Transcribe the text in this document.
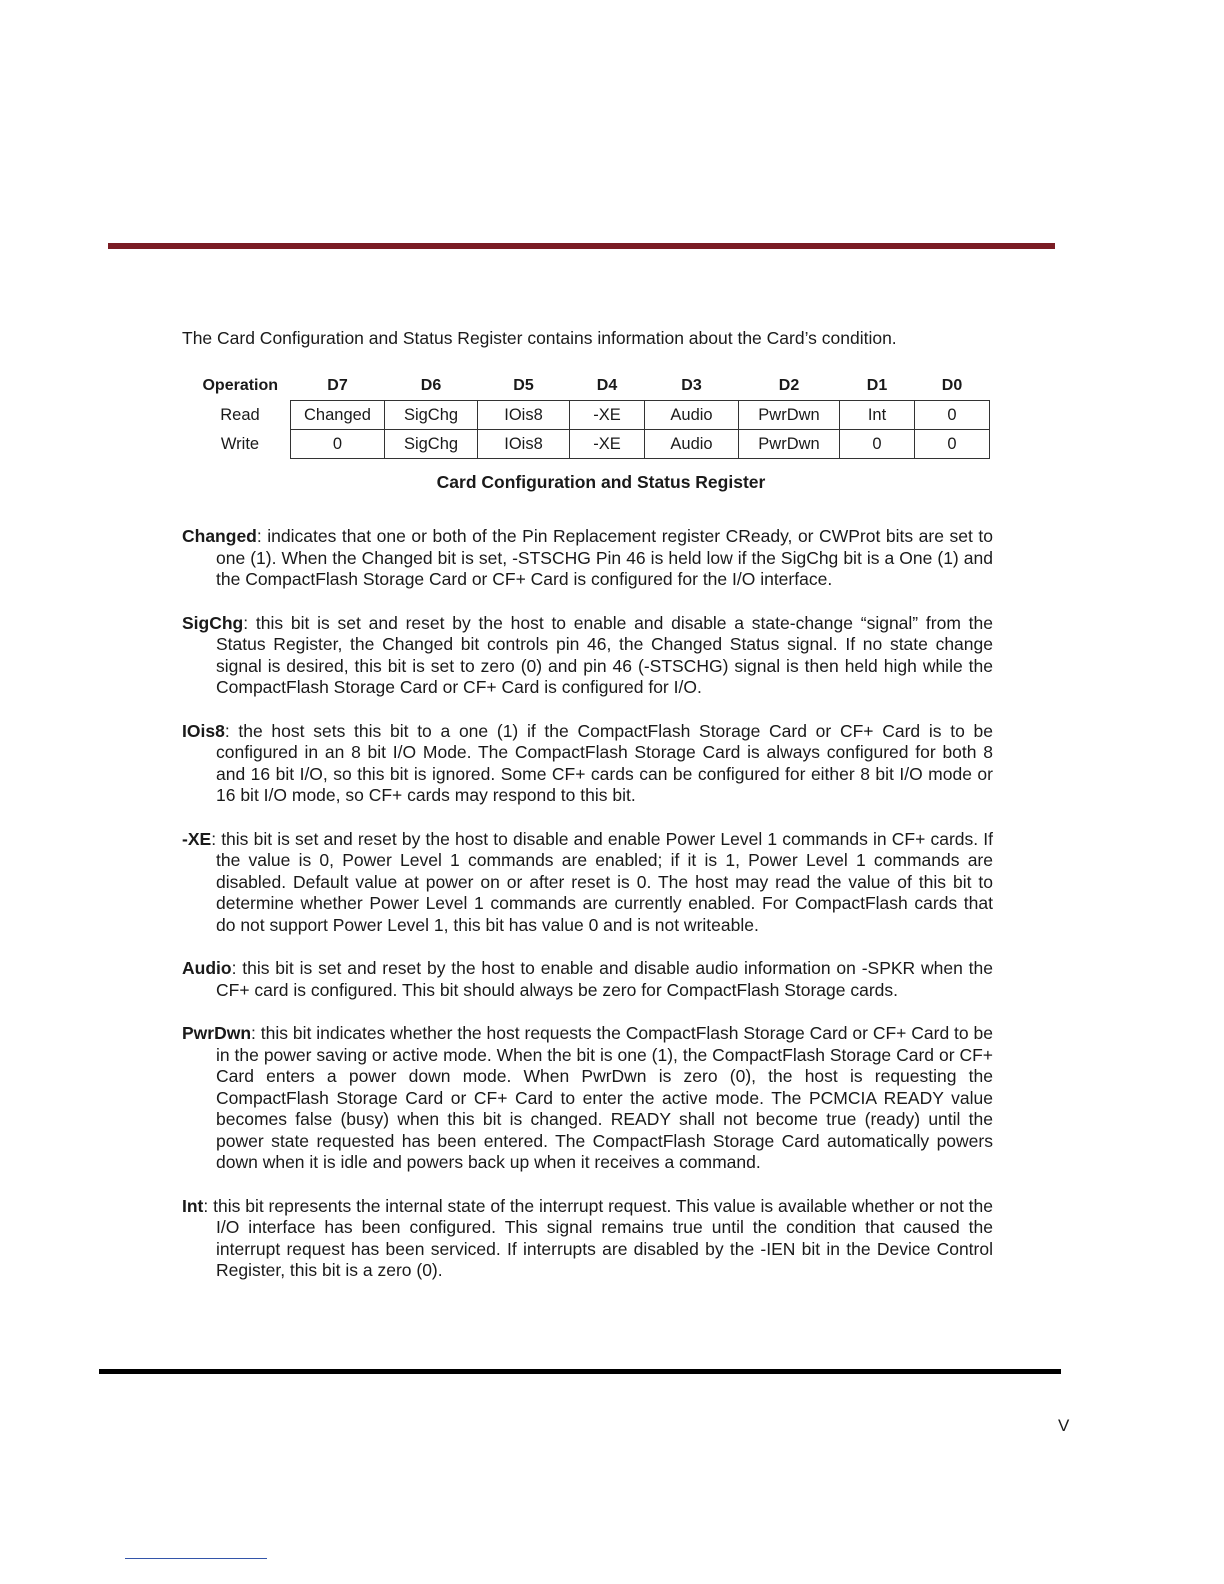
The Card Configuration and Status Register contains information about the Card’s condition.

Operation	D7	D6	D5	D4	D3	D2	D1	D0
Read	Changed	SigChg	IOis8	-XE	Audio	PwrDwn	Int	0
Write	0	SigChg	IOis8	-XE	Audio	PwrDwn	0	0

Card Configuration and Status Register

Changed: indicates that one or both of the Pin Replacement register CReady, or CWProt bits are set to one (1). When the Changed bit is set, -STSCHG Pin 46 is held low if the SigChg bit is a One (1) and the CompactFlash Storage Card or CF+ Card is configured for the I/O interface.

SigChg: this bit is set and reset by the host to enable and disable a state-change “signal” from the Status Register, the Changed bit controls pin 46, the Changed Status signal. If no state change signal is desired, this bit is set to zero (0) and pin 46 (-STSCHG) signal is then held high while the CompactFlash Storage Card or CF+ Card is configured for I/O.

IOis8: the host sets this bit to a one (1) if the CompactFlash Storage Card or CF+ Card is to be configured in an 8 bit I/O Mode. The CompactFlash Storage Card is always configured for both 8 and 16 bit I/O, so this bit is ignored. Some CF+ cards can be configured for either 8 bit I/O mode or 16 bit I/O mode, so CF+ cards may respond to this bit.

-XE: this bit is set and reset by the host to disable and enable Power Level 1 commands in CF+ cards. If the value is 0, Power Level 1 commands are enabled; if it is 1, Power Level 1 commands are disabled. Default value at power on or after reset is 0. The host may read the value of this bit to determine whether Power Level 1 commands are currently enabled. For CompactFlash cards that do not support Power Level 1, this bit has value 0 and is not writeable.

Audio: this bit is set and reset by the host to enable and disable audio information on -SPKR when the CF+ card is configured. This bit should always be zero for CompactFlash Storage cards.

PwrDwn: this bit indicates whether the host requests the CompactFlash Storage Card or CF+ Card to be in the power saving or active mode. When the bit is one (1), the CompactFlash Storage Card or CF+ Card enters a power down mode. When PwrDwn is zero (0), the host is requesting the CompactFlash Storage Card or CF+ Card to enter the active mode. The PCMCIA READY value becomes false (busy) when this bit is changed. READY shall not become true (ready) until the power state requested has been entered. The CompactFlash Storage Card automatically powers down when it is idle and powers back up when it receives a command.

Int: this bit represents the internal state of the interrupt request. This value is available whether or not the I/O interface has been configured. This signal remains true until the condition that caused the interrupt request has been serviced. If interrupts are disabled by the -IEN bit in the Device Control Register, this bit is a zero (0).

V
